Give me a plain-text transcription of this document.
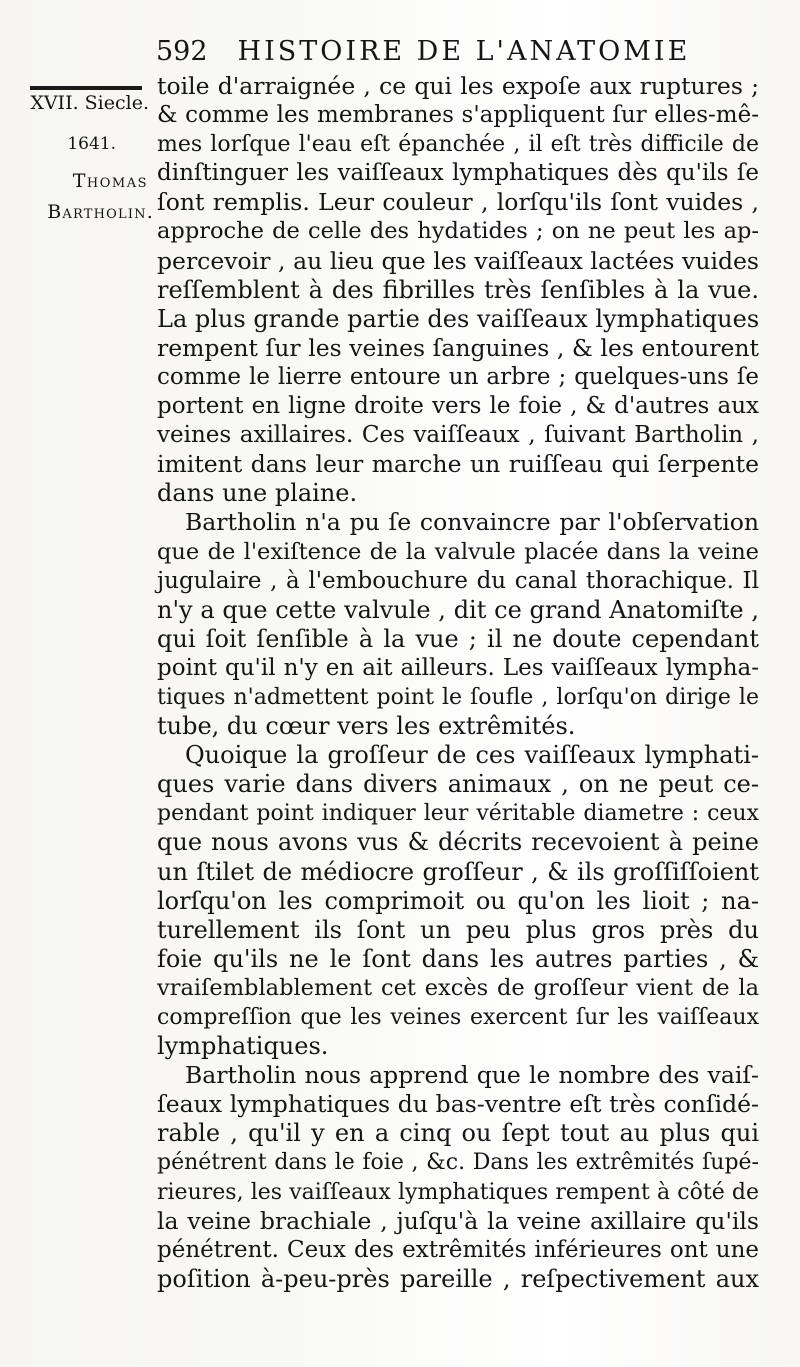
592 HISTOIRE DE L'ANATOMIE
XVII. Siecle.
1641.
Thomas
Bartholin.
toile d'arraignée , ce qui les expoſe aux ruptures ;
& comme les membranes s'appliquent ſur elles-mê-
mes lorſque l'eau eſt épanchée , il eſt très difficile de
dinſtinguer les vaiſſeaux lymphatiques dès qu'ils ſe
ſont remplis. Leur couleur , lorſqu'ils ſont vuides ,
approche de celle des hydatides ; on ne peut les ap-
percevoir , au lieu que les vaiſſeaux lactées vuides
reſſemblent à des fibrilles très ſenſibles à la vue.
La plus grande partie des vaiſſeaux lymphatiques
rempent ſur les veines ſanguines , & les entourent
comme le lierre entoure un arbre ; quelques-uns ſe
portent en ligne droite vers le foie , & d'autres aux
veines axillaires. Ces vaiſſeaux , ſuivant Bartholin ,
imitent dans leur marche un ruiſſeau qui ſerpente
dans une plaine.
Bartholin n'a pu ſe convaincre par l'obſervation
que de l'exiſtence de la valvule placée dans la veine
jugulaire , à l'embouchure du canal thorachique. Il
n'y a que cette valvule , dit ce grand Anatomiſte ,
qui ſoit ſenſible à la vue ; il ne doute cependant
point qu'il n'y en ait ailleurs. Les vaiſſeaux lympha-
tiques n'admettent point le ſoufle , lorſqu'on dirige le
tube, du cœur vers les extrêmités.
Quoique la groſſeur de ces vaiſſeaux lymphati-
ques varie dans divers animaux , on ne peut ce-
pendant point indiquer leur véritable diametre : ceux
que nous avons vus & décrits recevoient à peine
un ſtilet de médiocre groſſeur , & ils groſſiſſoient
lorſqu'on les comprimoit ou qu'on les lioit ; na-
turellement ils ſont un peu plus gros près du
foie qu'ils ne le ſont dans les autres parties , &
vraiſemblablement cet excès de groſſeur vient de la
compreſſion que les veines exercent ſur les vaiſſeaux
lymphatiques.
Bartholin nous apprend que le nombre des vaiſ-
ſeaux lymphatiques du bas-ventre eſt très conſidé-
rable , qu'il y en a cinq ou ſept tout au plus qui
pénétrent dans le foie , &c. Dans les extrêmités ſupé-
rieures, les vaiſſeaux lymphatiques rempent à côté de
la veine brachiale , juſqu'à la veine axillaire qu'ils
pénétrent. Ceux des extrêmités inférieures ont une
poſition à-peu-près pareille , reſpectivement aux
